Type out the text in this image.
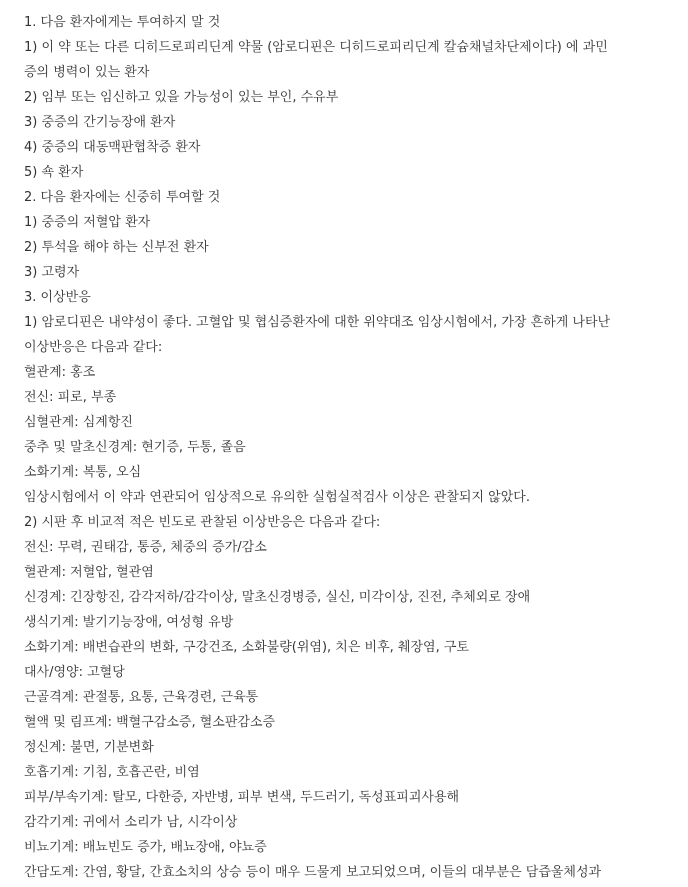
1. 다음 환자에게는 투여하지 말 것
1) 이 약 또는 다른 디히드로피리딘계 약물 (암로디핀은 디히드로피리딘계 칼슘채널차단제이다) 에 과민
증의 병력이 있는 환자
2) 임부 또는 임신하고 있을 가능성이 있는 부인, 수유부
3) 중증의 간기능장애 환자
4) 중증의 대동맥판협착증 환자
5) 쇽 환자
2. 다음 환자에는 신중히 투여할 것
1) 중증의 저혈압 환자
2) 투석을 해야 하는 신부전 환자
3) 고령자
3. 이상반응
1) 암로디핀은 내약성이 좋다. 고혈압 및 협심증환자에 대한 위약대조 임상시험에서, 가장 흔하게 나타난
이상반응은 다음과 같다:
혈관계: 홍조
전신: 피로, 부종
심혈관계: 심계항진
중추 및 말초신경계: 현기증, 두통, 졸음
소화기계: 복통, 오심
임상시험에서 이 약과 연관되어 임상적으로 유의한 실험실적검사 이상은 관찰되지 않았다.
2) 시판 후 비교적 적은 빈도로 관찰된 이상반응은 다음과 같다:
전신: 무력, 권태감, 통증, 체중의 증가/감소
혈관계: 저혈압, 혈관염
신경계: 긴장항진, 감각저하/감각이상, 말초신경병증, 실신, 미각이상, 진전, 추체외로 장애
생식기계: 발기기능장애, 여성형 유방
소화기계: 배변습관의 변화, 구강건조, 소화불량(위염), 치은 비후, 췌장염, 구토
대사/영양: 고혈당
근골격계: 관절통, 요통, 근육경련, 근육통
혈액 및 림프계: 백혈구감소증, 혈소판감소증
정신계: 불면, 기분변화
호흡기계: 기침, 호흡곤란, 비염
피부/부속기계: 탈모, 다한증, 자반병, 피부 변색, 두드러기, 독성표피괴사용해
감각기계: 귀에서 소리가 남, 시각이상
비뇨기계: 배뇨빈도 증가, 배뇨장애, 야뇨증
간담도계: 간염, 황달, 간효소치의 상승 등이 매우 드물게 보고되었으며, 이들의 대부분은 담즙울체성과
